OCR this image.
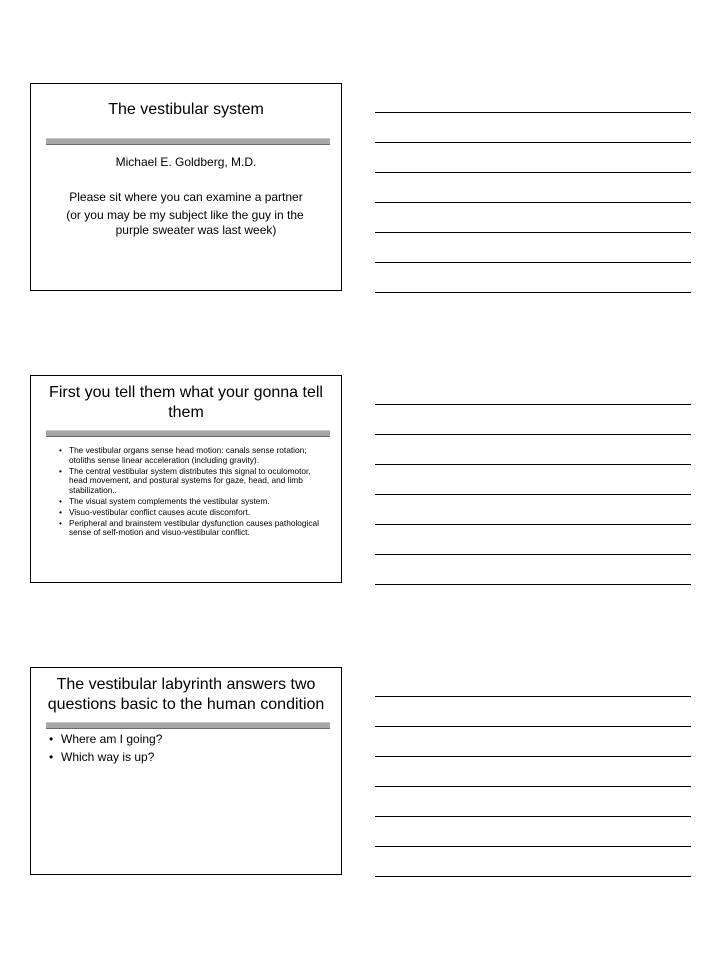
The vestibular system
Michael E. Goldberg, M.D.
Please sit where you can examine a partner
(or you may be my subject like the guy in the purple sweater was last week)
First you tell them what your gonna tell them
• The vestibular organs sense head motion: canals sense rotation; otoliths sense linear acceleration (including gravity).
• The central vestibular system distributes this signal to oculomotor, head movement, and postural systems for gaze, head, and limb stabilization..
• The visual system complements the vestibular system.
• Visuo-vestibular conflict causes acute discomfort.
• Peripheral and brainstem vestibular dysfunction causes pathological sense of self-motion and visuo-vestibular conflict.
The vestibular labyrinth answers two questions basic to the human condition
• Where am I going?
• Which way is up?
